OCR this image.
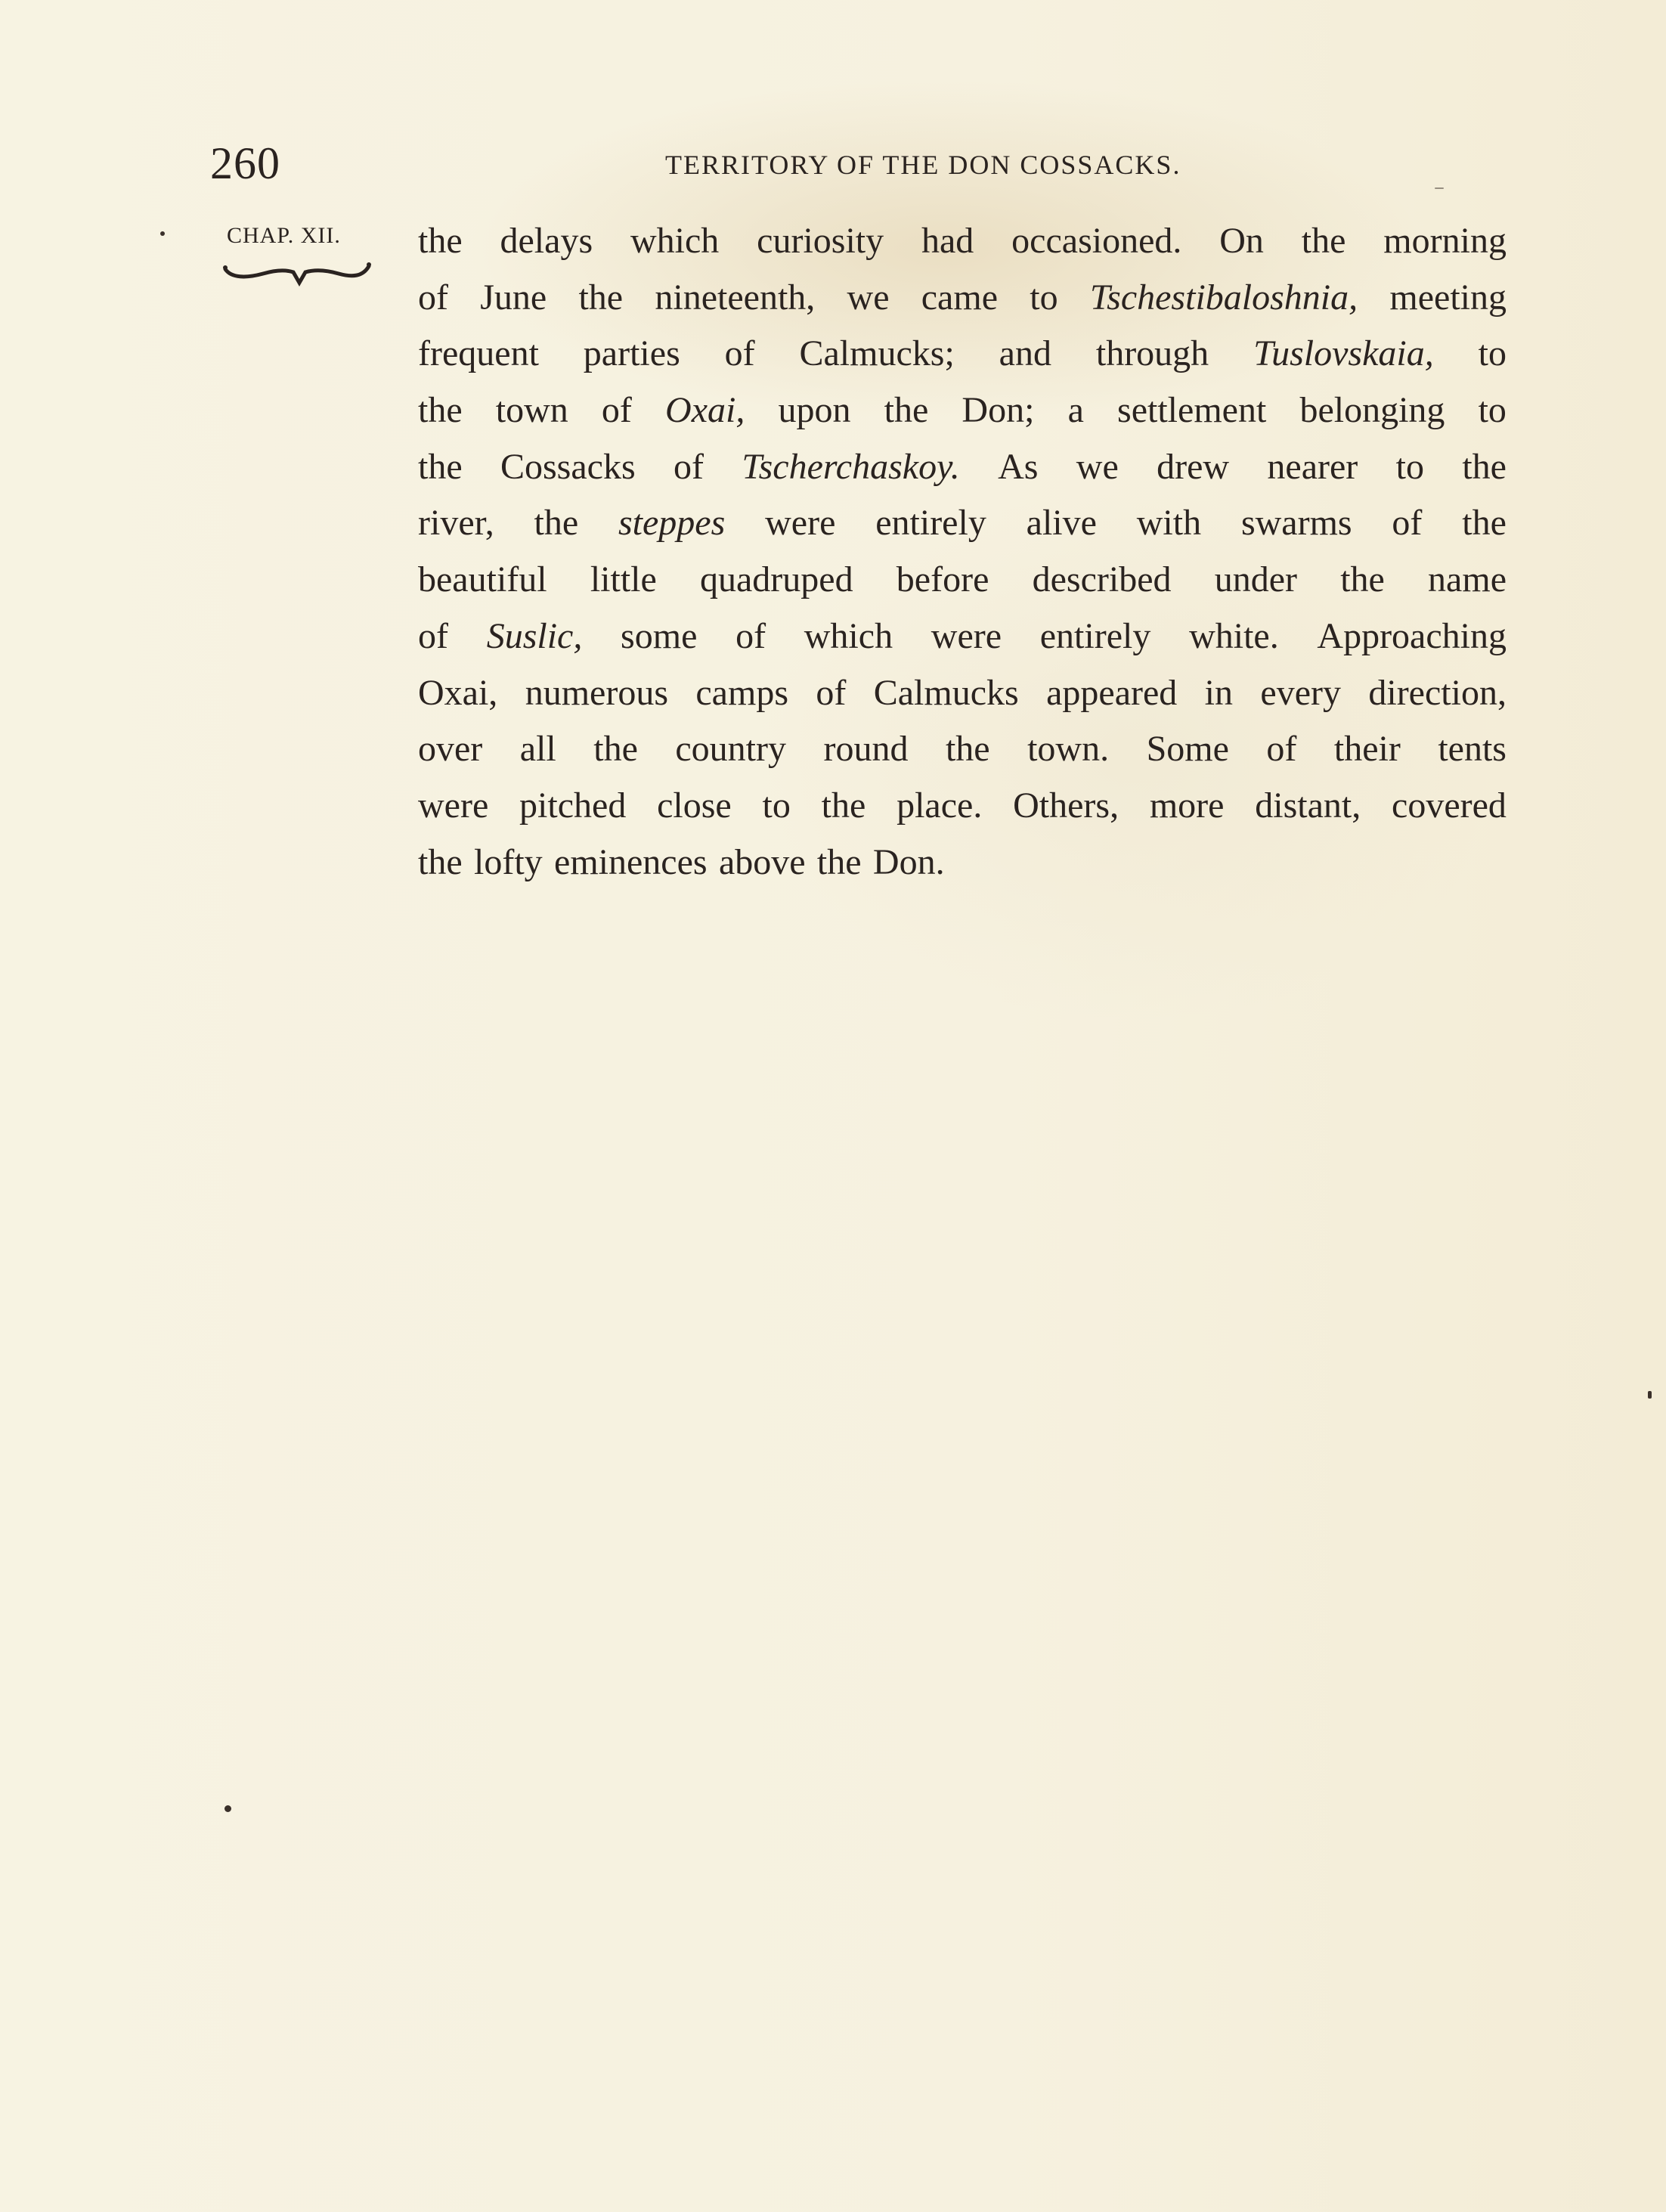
260	TERRITORY OF THE DON COSSACKS.
CHAP. XII. the delays which curiosity had occasioned. On the morning
of June the nineteenth, we came to Tschestibaloshnia, meeting
frequent parties of Calmucks; and through Tuslovskaia, to
the town of Oxai, upon the Don; a settlement belonging to
the Cossacks of Tscherchaskoy. As we drew nearer to the
river, the steppes were entirely alive with swarms of the
beautiful little quadruped before described under the name
of Suslic, some of which were entirely white. Approaching
Oxai, numerous camps of Calmucks appeared in every direction,
over all the country round the town. Some of their tents
were pitched close to the place. Others, more distant, covered
the lofty eminences above the Don.
